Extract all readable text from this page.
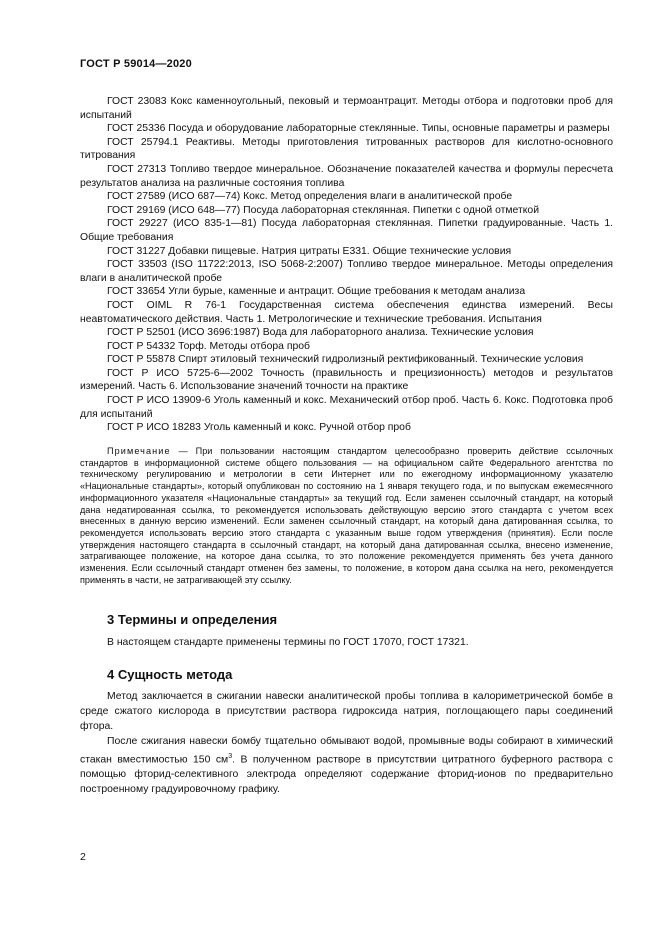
ГОСТ Р 59014—2020

ГОСТ 23083 Кокс каменноугольный, пековый и термоантрацит. Методы отбора и подготовки проб для испытаний

ГОСТ 25336 Посуда и оборудование лабораторные стеклянные. Типы, основные параметры и размеры

ГОСТ 25794.1 Реактивы. Методы приготовления титрованных растворов для кислотно-основного титрования

ГОСТ 27313 Топливо твердое минеральное. Обозначение показателей качества и формулы пересчета результатов анализа на различные состояния топлива

ГОСТ 27589 (ИСО 687—74) Кокс. Метод определения влаги в аналитической пробе

ГОСТ 29169 (ИСО 648—77) Посуда лабораторная стеклянная. Пипетки с одной отметкой

ГОСТ 29227 (ИСО 835-1—81) Посуда лабораторная стеклянная. Пипетки градуированные. Часть 1. Общие требования

ГОСТ 31227 Добавки пищевые. Натрия цитраты Е331. Общие технические условия

ГОСТ 33503 (ISO 11722:2013, ISO 5068-2:2007) Топливо твердое минеральное. Методы определения влаги в аналитической пробе

ГОСТ 33654 Угли бурые, каменные и антрацит. Общие требования к методам анализа

ГОСТ OIML R 76-1 Государственная система обеспечения единства измерений. Весы неавтоматического действия. Часть 1. Метрологические и технические требования. Испытания

ГОСТ Р 52501 (ИСО 3696:1987) Вода для лабораторного анализа. Технические условия

ГОСТ Р 54332 Торф. Методы отбора проб

ГОСТ Р 55878 Спирт этиловый технический гидролизный ректификованный. Технические условия

ГОСТ Р ИСО 5725-6—2002 Точность (правильность и прецизионность) методов и результатов измерений. Часть 6. Использование значений точности на практике

ГОСТ Р ИСО 13909-6 Уголь каменный и кокс. Механический отбор проб. Часть 6. Кокс. Подготовка проб для испытаний

ГОСТ Р ИСО 18283 Уголь каменный и кокс. Ручной отбор проб

Примечание — При пользовании настоящим стандартом целесообразно проверить действие ссылочных стандартов в информационной системе общего пользования — на официальном сайте Федерального агентства по техническому регулированию и метрологии в сети Интернет или по ежегодному информационному указателю «Национальные стандарты», который опубликован по состоянию на 1 января текущего года, и по выпускам ежемесячного информационного указателя «Национальные стандарты» за текущий год. Если заменен ссылочный стандарт, на который дана недатированная ссылка, то рекомендуется использовать действующую версию этого стандарта с учетом всех внесенных в данную версию изменений. Если заменен ссылочный стандарт, на который дана датированная ссылка, то рекомендуется использовать версию этого стандарта с указанным выше годом утверждения (принятия). Если после утверждения настоящего стандарта в ссылочный стандарт, на который дана датированная ссылка, внесено изменение, затрагивающее положение, на которое дана ссылка, то это положение рекомендуется применять без учета данного изменения. Если ссылочный стандарт отменен без замены, то положение, в котором дана ссылка на него, рекомендуется применять в части, не затрагивающей эту ссылку.

3 Термины и определения

В настоящем стандарте применены термины по ГОСТ 17070, ГОСТ 17321.

4 Сущность метода

Метод заключается в сжигании навески аналитической пробы топлива в калориметрической бомбе в среде сжатого кислорода в присутствии раствора гидроксида натрия, поглощающего пары соединений фтора.

После сжигания навески бомбу тщательно обмывают водой, промывные воды собирают в химический стакан вместимостью 150 $см^3$. В полученном растворе в присутствии цитратного буферного раствора с помощью фторид-селективного электрода определяют содержание фторид-ионов по предварительно построенному градуировочному графику.

2
